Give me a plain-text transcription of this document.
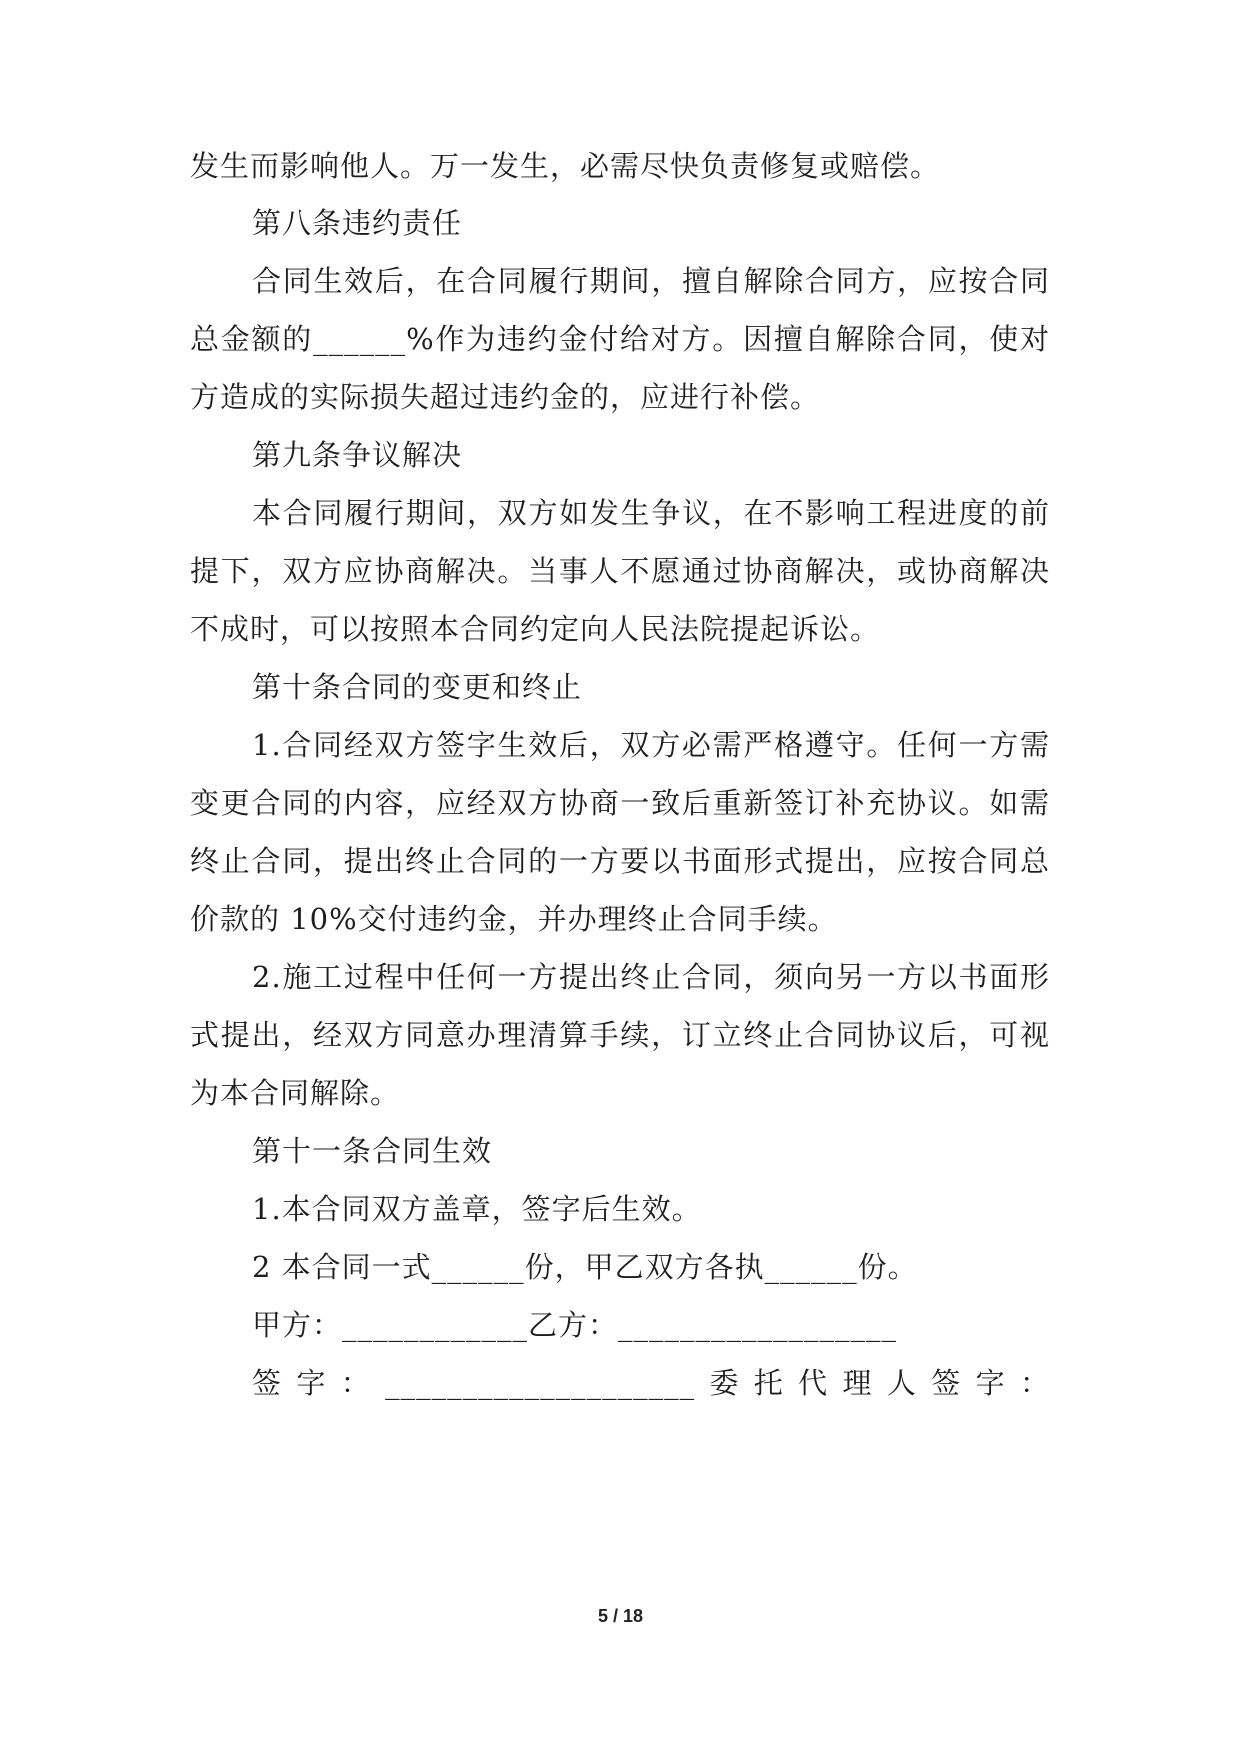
发生而影响他人。万一发生，必需尽快负责修复或赔偿。
第八条违约责任
合同生效后，在合同履行期间，擅自解除合同方，应按合同
总金额的______%作为违约金付给对方。因擅自解除合同，使对
方造成的实际损失超过违约金的，应进行补偿。
第九条争议解决
本合同履行期间，双方如发生争议，在不影响工程进度的前
提下，双方应协商解决。当事人不愿通过协商解决，或协商解决
不成时，可以按照本合同约定向人民法院提起诉讼。
第十条合同的变更和终止
1.合同经双方签字生效后，双方必需严格遵守。任何一方需
变更合同的内容，应经双方协商一致后重新签订补充协议。如需
终止合同，提出终止合同的一方要以书面形式提出，应按合同总
价款的 10%交付违约金，并办理终止合同手续。
2.施工过程中任何一方提出终止合同，须向另一方以书面形
式提出，经双方同意办理清算手续，订立终止合同协议后，可视
为本合同解除。
第十一条合同生效
1.本合同双方盖章，签字后生效。
2 本合同一式______份，甲乙双方各执______份。
甲方：____________乙方：__________________
签字：____________________委托代理人签字：
5 / 18
